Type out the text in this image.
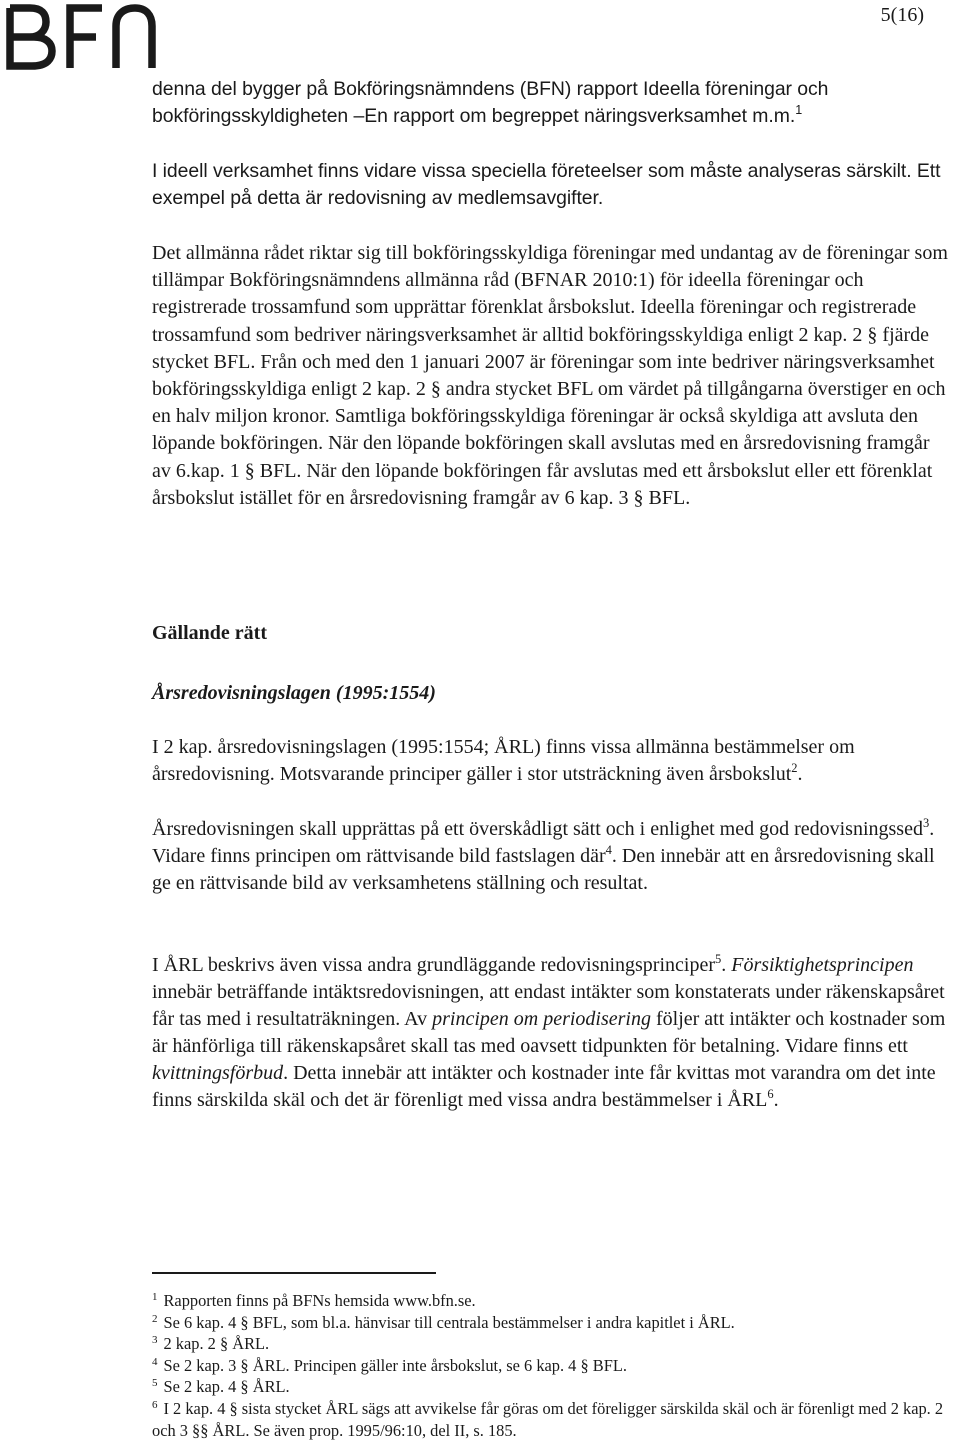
5(16)

denna del bygger på Bokföringsnämndens (BFN) rapport Ideella föreningar och bokföringsskyldigheten –En rapport om begreppet näringsverksamhet m.m.$^1$

I ideell verksamhet finns vidare vissa speciella företeelser som måste analyseras särskilt. Ett exempel på detta är redovisning av medlemsavgifter.

Det allmänna rådet riktar sig till bokföringsskyldiga föreningar med undantag av de föreningar som tillämpar Bokföringsnämndens allmänna råd (BFNAR 2010:1) för ideella föreningar och registrerade trossamfund som upprättar förenklat årsbokslut. Ideella föreningar och registrerade trossamfund som bedriver näringsverksamhet är alltid bokföringsskyldiga enligt 2 kap. 2 § fjärde stycket BFL. Från och med den 1 januari 2007 är föreningar som inte bedriver näringsverksamhet bokföringsskyldiga enligt 2 kap. 2 § andra stycket BFL om värdet på tillgångarna överstiger en och en halv miljon kronor. Samtliga bokföringsskyldiga föreningar är också skyldiga att avsluta den löpande bokföringen. När den löpande bokföringen skall avslutas med en årsredovisning framgår av 6.kap. 1 § BFL. När den löpande bokföringen får avslutas med ett årsbokslut eller ett förenklat årsbokslut istället för en årsredovisning framgår av 6 kap. 3 § BFL.

Gällande rätt
Årsredovisningslagen (1995:1554)

I 2 kap. årsredovisningslagen (1995:1554; ÅRL) finns vissa allmänna bestämmelser om årsredovisning. Motsvarande principer gäller i stor utsträckning även årsbokslut$^2$.

Årsredovisningen skall upprättas på ett överskådligt sätt och i enlighet med god redovisningssed$^3$. Vidare finns principen om rättvisande bild fastslagen där$^4$. Den innebär att en årsredovisning skall ge en rättvisande bild av verksamhetens ställning och resultat.

I ÅRL beskrivs även vissa andra grundläggande redovisningsprinciper$^5$. Försiktighetsprincipen innebär beträffande intäktsredovisningen, att endast intäkter som konstaterats under räkenskapsåret får tas med i resultaträkningen. Av principen om periodisering följer att intäkter och kostnader som är hänförliga till räkenskapsåret skall tas med oavsett tidpunkten för betalning. Vidare finns ett kvittningsförbud. Detta innebär att intäkter och kostnader inte får kvittas mot varandra om det inte finns särskilda skäl och det är förenligt med vissa andra bestämmelser i ÅRL$^6$.

$^1$ Rapporten finns på BFNs hemsida www.bfn.se.

$^2$ Se 6 kap. 4 § BFL, som bl.a. hänvisar till centrala bestämmelser i andra kapitlet i ÅRL.

$^3$ 2 kap. 2 § ÅRL.

$^4$ Se 2 kap. 3 § ÅRL. Principen gäller inte årsbokslut, se 6 kap. 4 § BFL.

$^5$ Se 2 kap. 4 § ÅRL.

$^6$ I 2 kap. 4 § sista stycket ÅRL sägs att avvikelse får göras om det föreligger särskilda skäl och är förenligt med 2 kap. 2 och 3 §§ ÅRL. Se även prop. 1995/96:10, del II, s. 185.
